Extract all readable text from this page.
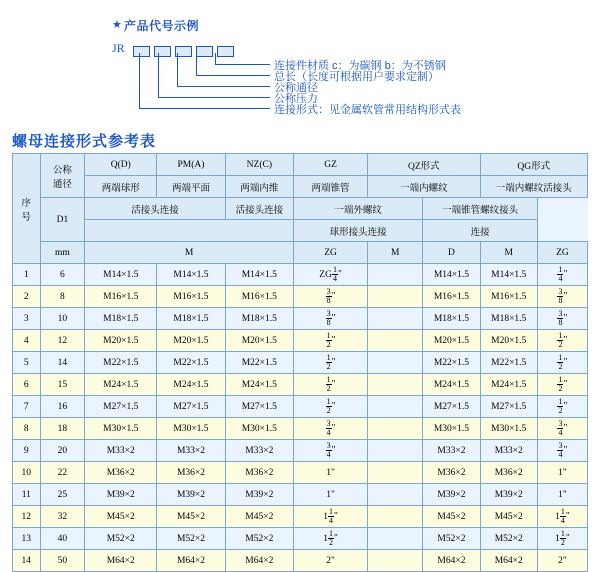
★ 产品代号示例
JR
连接件材质 c：为碳钢 b：为不锈钢
总长（长度可根据用户要求定制）
公称通径
公称压力
连接形式：见金属软管常用结构形式表
螺母连接形式参考表
序
号	公称
通径	Q(D)	PM(A)	NZ(C)	GZ	QZ形式		QG形式	
		两端球形	两端平面	两端内维	两端锥管	一端内螺纹		一端内螺纹活接头	
	D1	活接头连接		活接头连接	一端外螺纹		一端锥管螺纹接头		
					球形接头连接		连接		
	mm	M			ZG	M	D	M	ZG
1	6	M14×1.5	M14×1.5	M14×1.5	ZG $\frac{1}{4}$ "		M14×1.5	M14×1.5	$\frac{1}{4}$ "
2	8	M16×1.5	M16×1.5	M16×1.5	$\frac{3}{8}$ "		M16×1.5	M16×1.5	$\frac{3}{8}$ "
3	10	M18×1.5	M18×1.5	M18×1.5	$\frac{3}{8}$ "		M18×1.5	M18×1.5	$\frac{3}{8}$ "
4	12	M20×1.5	M20×1.5	M20×1.5	$\frac{1}{2}$ "		M20×1.5	M20×1.5	$\frac{1}{2}$ "
5	14	M22×1.5	M22×1.5	M22×1.5	$\frac{1}{2}$ "		M22×1.5	M22×1.5	$\frac{1}{2}$ "
6	15	M24×1.5	M24×1.5	M24×1.5	$\frac{1}{2}$ "		M24×1.5	M24×1.5	$\frac{1}{2}$ "
7	16	M27×1.5	M27×1.5	M27×1.5	$\frac{1}{2}$ "		M27×1.5	M27×1.5	$\frac{1}{2}$ "
8	18	M30×1.5	M30×1.5	M30×1.5	$\frac{3}{4}$ "		M30×1.5	M30×1.5	$\frac{3}{4}$ "
9	20	M33×2	M33×2	M33×2	$\frac{3}{4}$ "		M33×2	M33×2	$\frac{3}{4}$ "
10	22	M36×2	M36×2	M36×2	1"		M36×2	M36×2	1"
11	25	M39×2	M39×2	M39×2	1"		M39×2	M39×2	1"
12	32	M45×2	M45×2	M45×2	$1 \frac{1}{4}$ "		M45×2	M45×2	$1 \frac{1}{4}$ "
13	40	M52×2	M52×2	M52×2	$1 \frac{1}{2}$ "		M52×2	M52×2	$1 \frac{1}{2}$ "
14	50	M64×2	M64×2	M64×2	2"		M64×2	M64×2	2"
